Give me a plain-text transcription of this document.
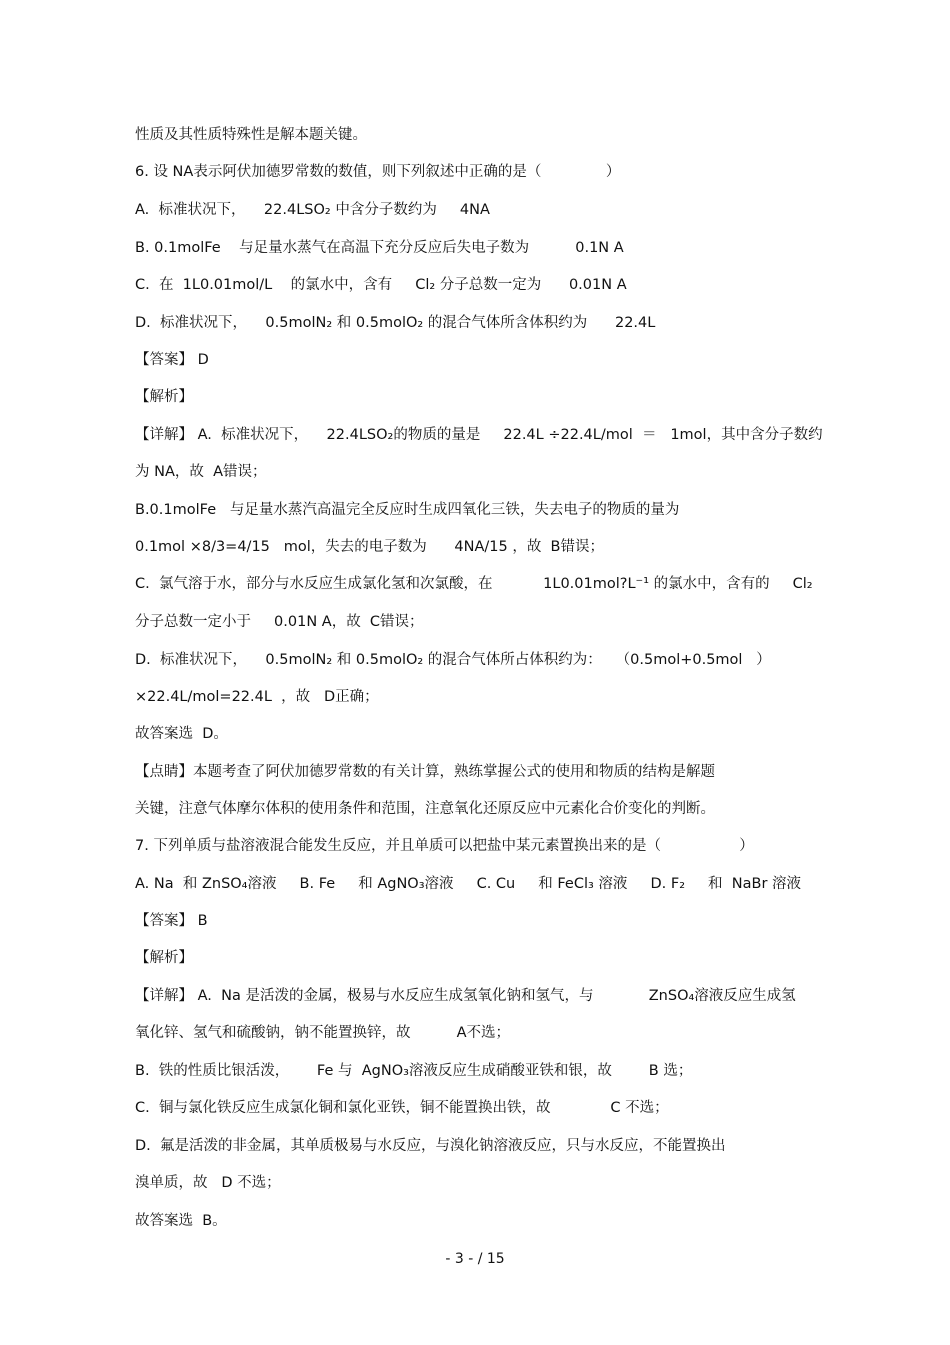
性质及其性质特殊性是解本题关键。
6. 设 NA表示阿伏加德罗常数的数值，则下列叙述中正确的是（              ）
A.  标准状况下，    22.4LSO₂ 中含分子数约为     4NA
B. 0.1molFe    与足量水蒸气在高温下充分反应后失电子数为          0.1N A
C.  在  1L0.01mol/L    的氯水中，含有     Cl₂ 分子总数一定为      0.01N A
D.  标准状况下，    0.5molN₂ 和 0.5molO₂ 的混合气体所含体积约为      22.4L
【答案】 D
【解析】
【详解】 A.  标准状况下，    22.4LSO₂的物质的量是     22.4L ÷22.4L/mol  ＝   1mol，其中含分子数约
为 NA，故  A错误；
B.0.1molFe   与足量水蒸汽高温完全反应时生成四氧化三铁，失去电子的物质的量为
0.1mol ×8/3=4/15   mol，失去的电子数为      4NA/15 ，故  B错误；
C.  氯气溶于水，部分与水反应生成氯化氢和次氯酸，在           1L0.01mol?L⁻¹ 的氯水中，含有的     Cl₂
分子总数一定小于     0.01N A，故  C错误；
D.  标准状况下，    0.5molN₂ 和 0.5molO₂ 的混合气体所占体积约为：   （0.5mol+0.5mol   ）
×22.4L/mol=22.4L  ，故   D正确；
故答案选  D。
【点睛】本题考查了阿伏加德罗常数的有关计算，熟练掌握公式的使用和物质的结构是解题
关键，注意气体摩尔体积的使用条件和范围，注意氧化还原反应中元素化合价变化的判断。
7. 下列单质与盐溶液混合能发生反应，并且单质可以把盐中某元素置换出来的是（                 ）
A. Na  和 ZnSO₄溶液     B. Fe     和 AgNO₃溶液     C. Cu     和 FeCl₃ 溶液     D. F₂     和  NaBr 溶液
【答案】 B
【解析】
【详解】 A.  Na 是活泼的金属，极易与水反应生成氢氧化钠和氢气，与            ZnSO₄溶液反应生成氢
氧化锌、氢气和硫酸钠，钠不能置换锌，故          A不选；
B.  铁的性质比银活泼，      Fe 与  AgNO₃溶液反应生成硝酸亚铁和银，故        B 选；
C.  铜与氯化铁反应生成氯化铜和氯化亚铁，铜不能置换出铁，故             C 不选；
D.  氟是活泼的非金属，其单质极易与水反应，与溴化钠溶液反应，只与水反应，不能置换出
溴单质，故   D 不选；
故答案选  B。
- 3 - / 15
